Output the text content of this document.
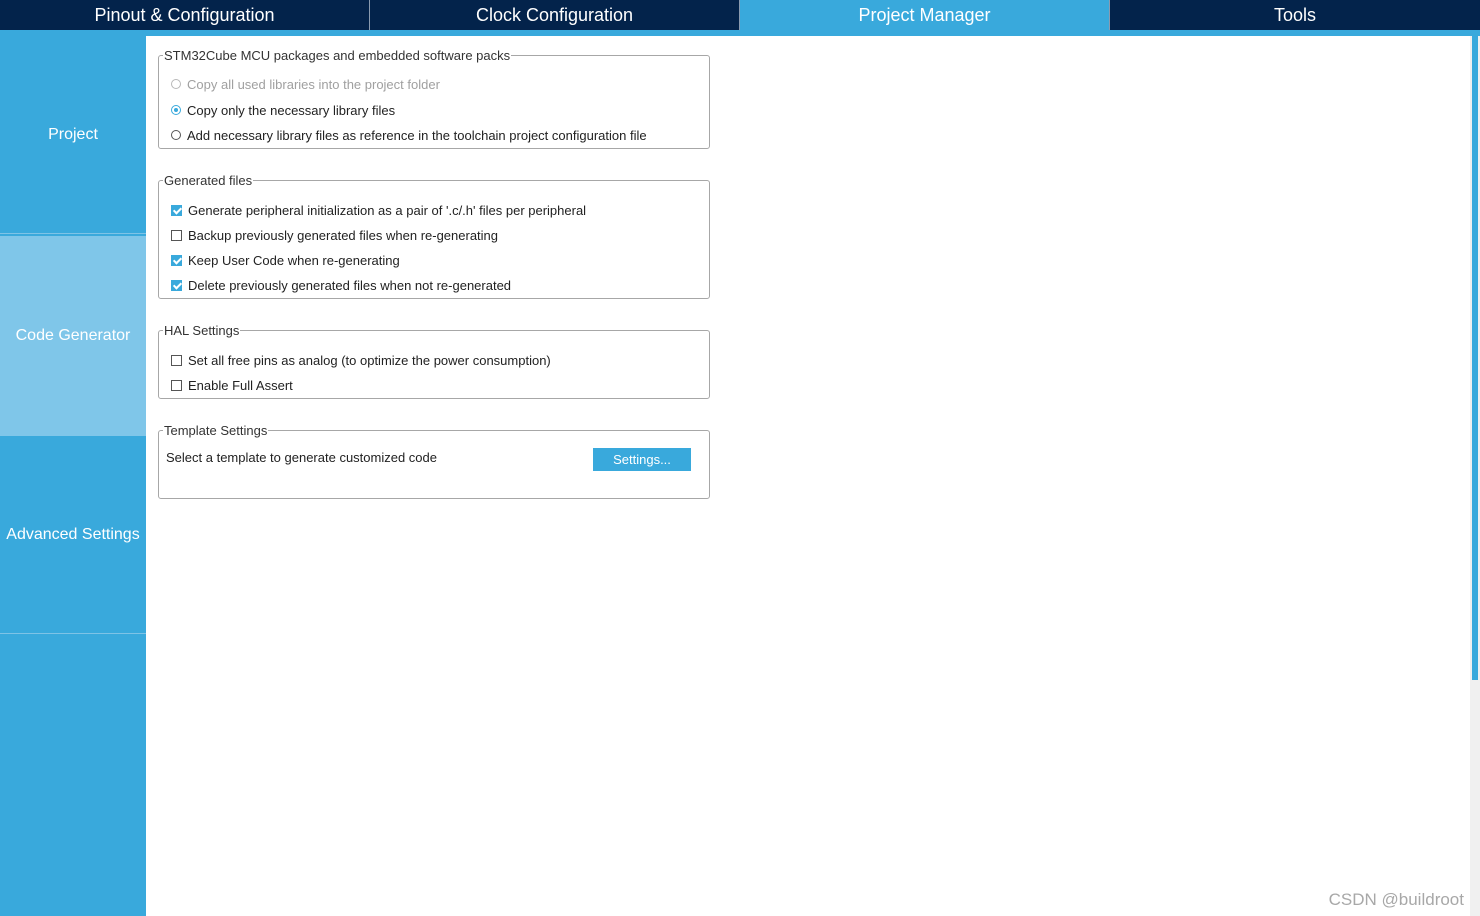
Pinout & Configuration	Clock Configuration	Project Manager	Tools
Project
Code Generator
Advanced Settings
STM32Cube MCU packages and embedded software packs
Copy all used libraries into the project folder
Copy only the necessary library files
Add necessary library files as reference in the toolchain project configuration file
Generated files
Generate peripheral initialization as a pair of '.c/.h' files per peripheral
Backup previously generated files when re-generating
Keep User Code when re-generating
Delete previously generated files when not re-generated
HAL Settings
Set all free pins as analog (to optimize the power consumption)
Enable Full Assert
Template Settings
Select a template to generate customized code	Settings...
CSDN @buildroot
